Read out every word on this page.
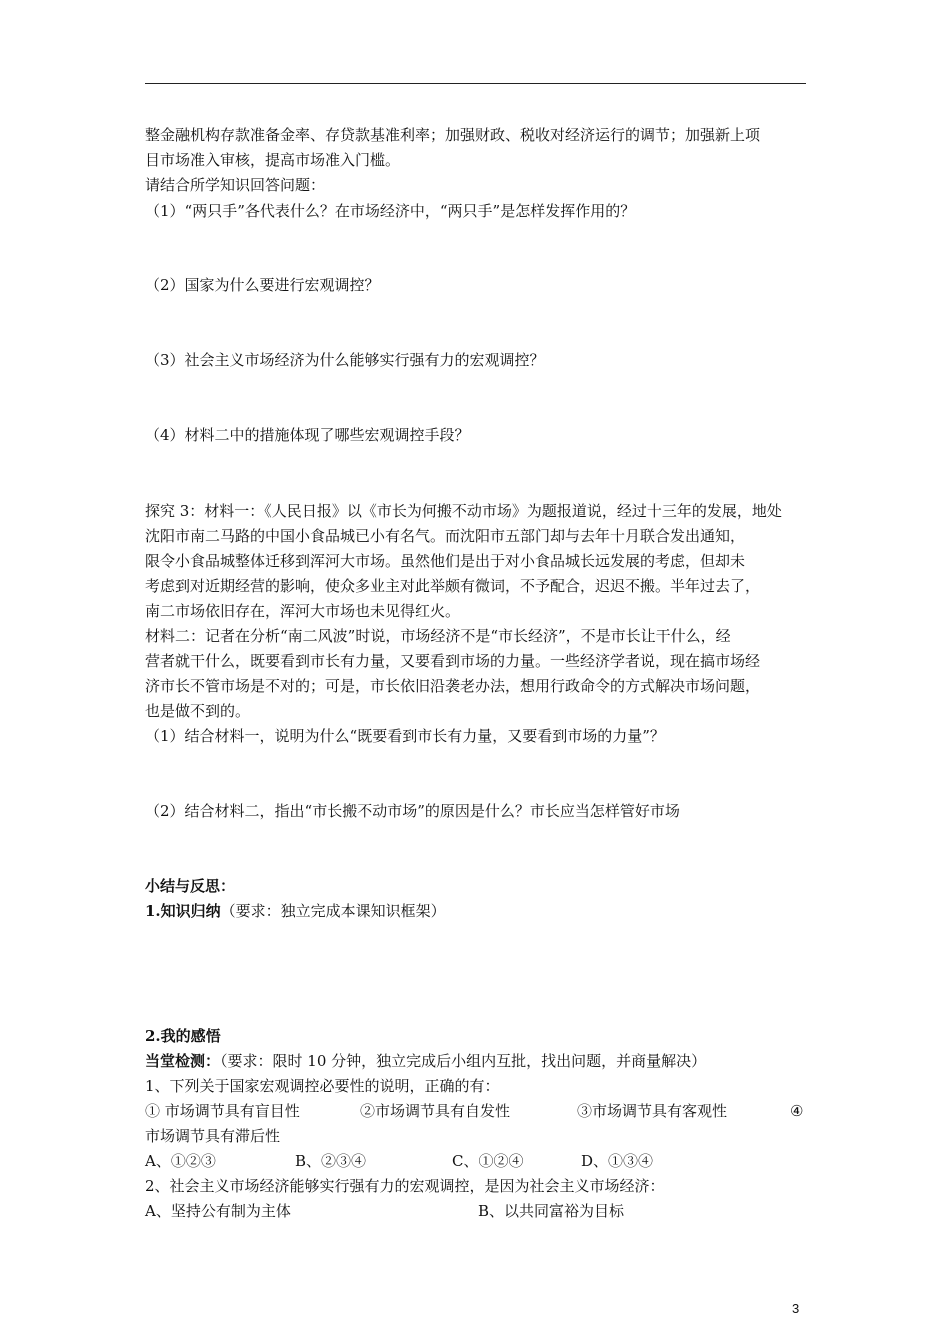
整金融机构存款准备金率、存贷款基准利率；加强财政、税收对经济运行的调节；加强新上项
目市场准入审核，提高市场准入门槛。
请结合所学知识回答问题：
（1）“两只手”各代表什么？在市场经济中，“两只手”是怎样发挥作用的？
（2）国家为什么要进行宏观调控？
（3）社会主义市场经济为什么能够实行强有力的宏观调控？
（4）材料二中的措施体现了哪些宏观调控手段？
探究 3：材料一：《人民日报》以《市长为何搬不动市场》为题报道说，经过十三年的发展，地处
沈阳市南二马路的中国小食品城已小有名气。而沈阳市五部门却与去年十月联合发出通知，
限令小食品城整体迁移到浑河大市场。虽然他们是出于对小食品城长远发展的考虑，但却未
考虑到对近期经营的影响，使众多业主对此举颇有微词，不予配合，迟迟不搬。半年过去了，
南二市场依旧存在，浑河大市场也未见得红火。
材料二：记者在分析“南二风波”时说，市场经济不是“市长经济”，不是市长让干什么，经
营者就干什么，既要看到市长有力量，又要看到市场的力量。一些经济学者说，现在搞市场经
济市长不管市场是不对的；可是，市长依旧沿袭老办法，想用行政命令的方式解决市场问题，
也是做不到的。
（1）结合材料一，说明为什么“既要看到市长有力量，又要看到市场的力量”？
（2）结合材料二，指出“市长搬不动市场”的原因是什么？市长应当怎样管好市场
小结与反思：
1.知识归纳（要求：独立完成本课知识框架）
2.我的感悟
当堂检测：（要求：限时 10 分钟，独立完成后小组内互批，找出问题，并商量解决）
1、下列关于国家宏观调控必要性的说明，正确的有：
① 市场调节具有盲目性	②市场调节具有自发性	③市场调节具有客观性	④
市场调节具有滞后性
A、①②③	B、②③④	C、①②④	D、①③④
2、社会主义市场经济能够实行强有力的宏观调控，是因为社会主义市场经济：
A、坚持公有制为主体	B、以共同富裕为目标
3
